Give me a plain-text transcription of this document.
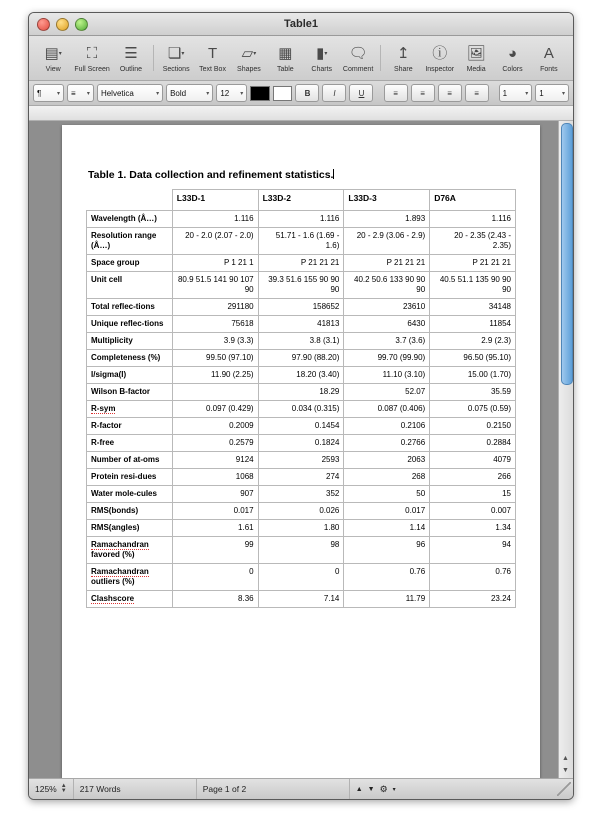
Table1
▤ ▾
View
⛶
Full Screen
☰
Outline
❏ ▾
Sections
T
Text Box
▱ ▾
Shapes
▦
Table
▮ ▾
Charts
🗨
Comment
↥
Share
ⓘ
Inspector
🖼
Media
◕
Colors
A
Fonts
¶	▾ ≡ ▾ Helvetica	▾ Bold	▾ 12 ▾	B	I	U	≡	≡	≡	≡	1	▾ 1	▾
Table 1. Data collection and refinement statistics.
	L33D-1	L33D-2	L33D-3	D76A
Wavelength (Å…)	1.116	1.116	1.893	1.116
Resolution range (Å…)	20 - 2.0 (2.07 - 2.0)	51.71 - 1.6 (1.69 - 1.6)	20 - 2.9 (3.06 - 2.9)	20 - 2.35 (2.43 - 2.35)
Space group	P 1 21 1	P 21 21 21	P 21 21 21	P 21 21 21
Unit cell	80.9 51.5 141 90 107 90	39.3 51.6 155 90 90 90	40.2 50.6 133 90 90 90	40.5 51.1 135 90 90 90
Total reflec-tions	291180	158652	23610	34148
Unique reflec-tions	75618	41813	6430	11854
Multiplicity	3.9 (3.3)	3.8 (3.1)	3.7 (3.6)	2.9 (2.3)
Completeness (%)	99.50 (97.10)	97.90 (88.20)	99.70 (99.90)	96.50 (95.10)
I/sigma(I)	11.90 (2.25)	18.20 (3.40)	11.10 (3.10)	15.00 (1.70)
Wilson B-factor		18.29	52.07	35.59
R-sym	0.097 (0.429)	0.034 (0.315)	0.087 (0.406)	0.075 (0.59)
R-factor	0.2009	0.1454	0.2106	0.2150
R-free	0.2579	0.1824	0.2766	0.2884
Number of at-oms	9124	2593	2063	4079
Protein resi-dues	1068	274	268	266
Water mole-cules	907	352	50	15
RMS(bonds)	0.017	0.026	0.017	0.007
RMS(angles)	1.61	1.80	1.14	1.34
Ramachandran favored (%)	99	98	96	94
Ramachandran outliers (%)	0	0	0.76	0.76
Clashscore	8.36	7.14	11.79	23.24
▲
▼
125% ▲
▼ 217 Words	Page 1 of 2	▲ ▼ ⚙ ▾
